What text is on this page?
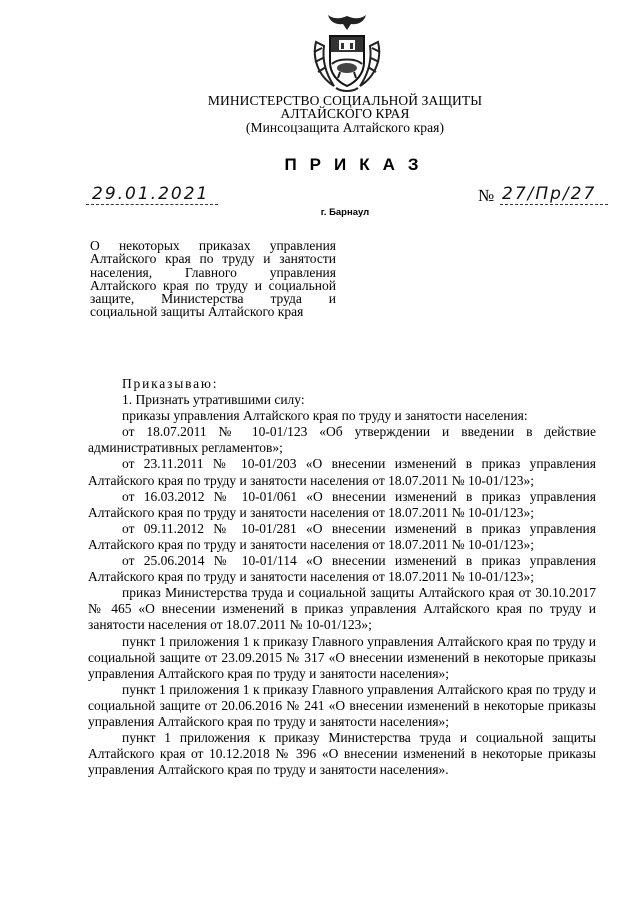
МИНИСТЕРСТВО СОЦИАЛЬНОЙ ЗАЩИТЫ
АЛТАЙСКОГО КРАЯ
(Минсоцзащита Алтайского края)
ПРИКАЗ
29.01.2021	№ 27/Пр/27
г. Барнаул
О некоторых приказах управления Алтайского края по труду и занятости населения, Главного управления Алтайского края по труду и социальной защите, Министерства труда и социальной защиты Алтайского края

Приказываю:

1. Признать утратившими силу:

приказы управления Алтайского края по труду и занятости населения:

от 18.07.2011 № 10-01/123 «Об утверждении и введении в действие административных регламентов»;

от 23.11.2011 № 10-01/203 «О внесении изменений в приказ управления Алтайского края по труду и занятости населения от 18.07.2011 № 10-01/123»;

от 16.03.2012 № 10-01/061 «О внесении изменений в приказ управления Алтайского края по труду и занятости населения от 18.07.2011 № 10-01/123»;

от 09.11.2012 № 10-01/281 «О внесении изменений в приказ управления Алтайского края по труду и занятости населения от 18.07.2011 № 10-01/123»;

от 25.06.2014 № 10-01/114 «О внесении изменений в приказ управления Алтайского края по труду и занятости населения от 18.07.2011 № 10-01/123»;

приказ Министерства труда и социальной защиты Алтайского края от 30.10.2017 № 465 «О внесении изменений в приказ управления Алтайского края по труду и занятости населения от 18.07.2011 № 10-01/123»;

пункт 1 приложения 1 к приказу Главного управления Алтайского края по труду и социальной защите от 23.09.2015 № 317 «О внесении изменений в некоторые приказы управления Алтайского края по труду и занятости населения»;

пункт 1 приложения 1 к приказу Главного управления Алтайского края по труду и социальной защите от 20.06.2016 № 241 «О внесении изменений в некоторые приказы управления Алтайского края по труду и занятости населения»;

пункт 1 приложения к приказу Министерства труда и социальной защиты Алтайского края от 10.12.2018 № 396 «О внесении изменений в некоторые приказы управления Алтайского края по труду и занятости населения».
